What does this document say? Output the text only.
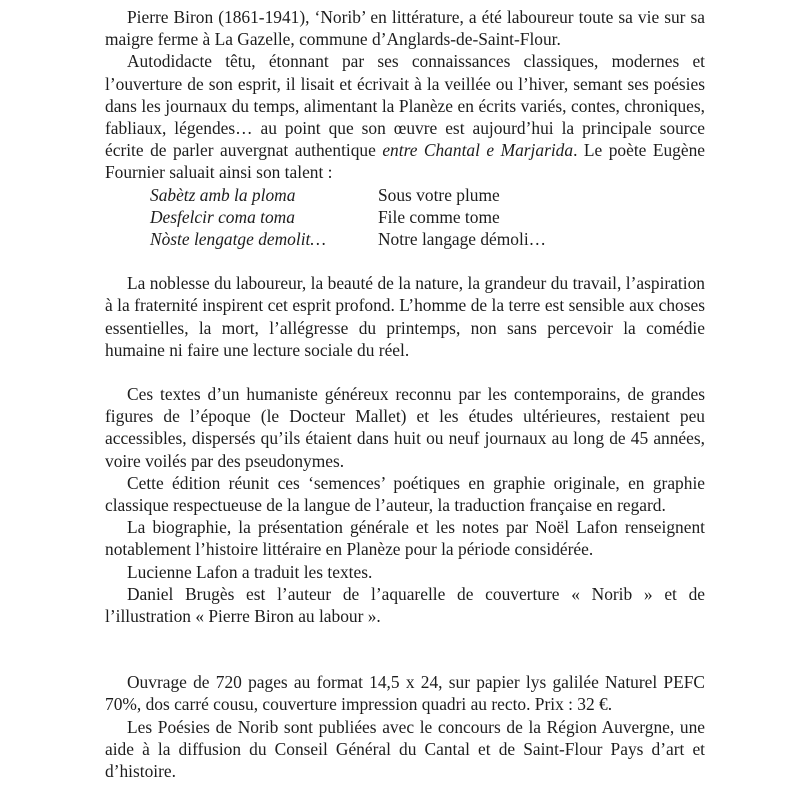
Pierre Biron (1861-1941), ‘Norib’ en littérature, a été laboureur toute sa vie sur sa maigre ferme à La Gazelle, commune d’Anglards-de-Saint-Flour.

Autodidacte têtu, étonnant par ses connaissances classiques, modernes et l’ouverture de son esprit, il lisait et écrivait à la veillée ou l’hiver, semant ses poésies dans les journaux du temps, alimentant la Planèze en écrits variés, contes, chroniques, fabliaux, légendes… au point que son œuvre est aujourd’hui la principale source écrite de parler auvergnat authentique entre Chantal e Marjarida. Le poète Eugène Fournier saluait ainsi son talent :

Sabètz amb la ploma	Sous votre plume
Desfelcir coma toma	File comme tome
Nòste lengatge demolit…	Notre langage démoli…

La noblesse du laboureur, la beauté de la nature, la grandeur du travail, l’aspiration à la fraternité inspirent cet esprit profond. L’homme de la terre est sensible aux choses essentielles, la mort, l’allégresse du printemps, non sans percevoir la comédie humaine ni faire une lecture sociale du réel.

Ces textes d’un humaniste généreux reconnu par les contemporains, de grandes figures de l’époque (le Docteur Mallet) et les études ultérieures, restaient peu accessibles, dispersés qu’ils étaient dans huit ou neuf journaux au long de 45 années, voire voilés par des pseudonymes.

Cette édition réunit ces ‘semences’ poétiques en graphie originale, en graphie classique respectueuse de la langue de l’auteur, la traduction française en regard.

La biographie, la présentation générale et les notes par Noël Lafon renseignent notablement l’histoire littéraire en Planèze pour la période considérée.

Lucienne Lafon a traduit les textes.

Daniel Brugès est l’auteur de l’aquarelle de couverture « Norib » et de l’illustration « Pierre Biron au labour ».

Ouvrage de 720 pages au format 14,5 x 24, sur papier lys galilée Naturel PEFC 70%, dos carré cousu, couverture impression quadri au recto. Prix : 32 €.

Les Poésies de Norib sont publiées avec le concours de la Région Auvergne, une aide à la diffusion du Conseil Général du Cantal et de Saint-Flour Pays d’art et d’histoire.
